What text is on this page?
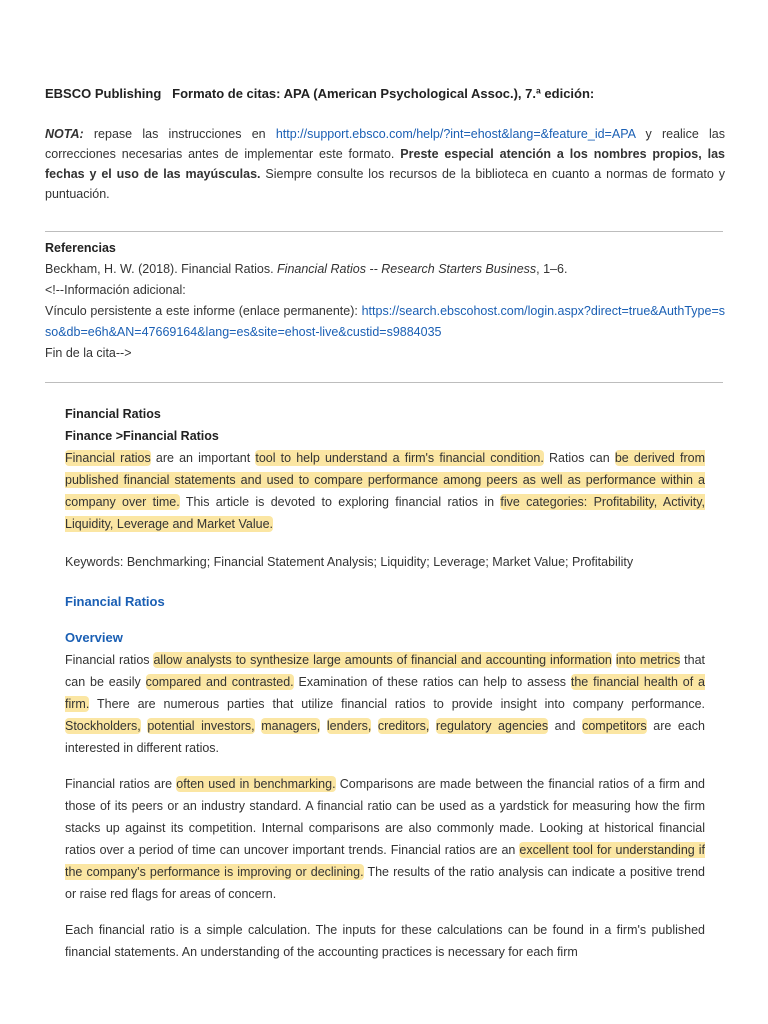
EBSCO Publishing Formato de citas: APA (American Psychological Assoc.), 7.ª edición:
NOTA: repase las instrucciones en http://support.ebsco.com/help/?int=ehost&lang=&feature_id=APA y realice las correcciones necesarias antes de implementar este formato. Preste especial atención a los nombres propios, las fechas y el uso de las mayúsculas. Siempre consulte los recursos de la biblioteca en cuanto a normas de formato y puntuación.
Referencias
Beckham, H. W. (2018). Financial Ratios. Financial Ratios -- Research Starters Business, 1–6.
<!--Información adicional:
Vínculo persistente a este informe (enlace permanente): https://search.ebscohost.com/login.aspx?direct=true&AuthType=sso&db=e6h&AN=47669164&lang=es&site=ehost-live&custid=s9884035
Fin de la cita-->
Financial Ratios
Finance >Financial Ratios

Financial ratios are an important tool to help understand a firm's financial condition. Ratios can be derived from published financial statements and used to compare performance among peers as well as performance within a company over time. This article is devoted to exploring financial ratios in five categories: Profitability, Activity, Liquidity, Leverage and Market Value.

Keywords: Benchmarking; Financial Statement Analysis; Liquidity; Leverage; Market Value; Profitability

Financial Ratios
Overview

Financial ratios allow analysts to synthesize large amounts of financial and accounting information into metrics that can be easily compared and contrasted. Examination of these ratios can help to assess the financial health of a firm. There are numerous parties that utilize financial ratios to provide insight into company performance. Stockholders, potential investors, managers, lenders, creditors, regulatory agencies and competitors are each interested in different ratios.

Financial ratios are often used in benchmarking. Comparisons are made between the financial ratios of a firm and those of its peers or an industry standard. A financial ratio can be used as a yardstick for measuring how the firm stacks up against its competition. Internal comparisons are also commonly made. Looking at historical financial ratios over a period of time can uncover important trends. Financial ratios are an excellent tool for understanding if the company's performance is improving or declining. The results of the ratio analysis can indicate a positive trend or raise red flags for areas of concern.

Each financial ratio is a simple calculation. The inputs for these calculations can be found in a firm's published financial statements. An understanding of the accounting practices is necessary for each firm
